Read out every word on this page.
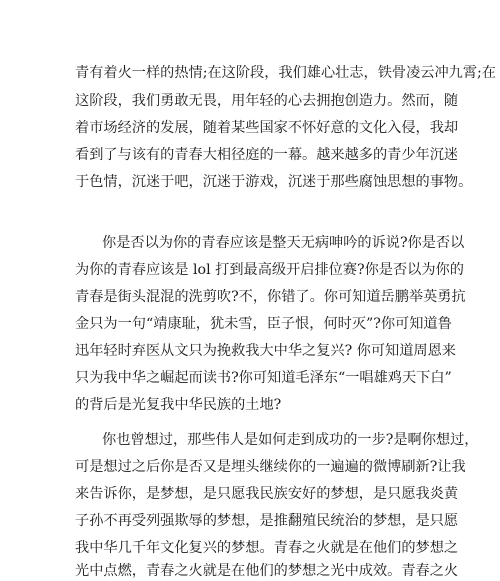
青有着火一样的热情;在这阶段，我们雄心壮志，铁骨凌云冲九霄;在
这阶段，我们勇敢无畏，用年轻的心去拥抱创造力。然而，随
着市场经济的发展，随着某些国家不怀好意的文化入侵，我却
看到了与该有的青春大相径庭的一幕。越来越多的青少年沉迷
于色情，沉迷于吧，沉迷于游戏，沉迷于那些腐蚀思想的事物。
你是否以为你的青春应该是整天无病呻吟的诉说?你是否以
为你的青春应该是 lol 打到最高级开启排位赛?你是否以为你的
青春是街头混混的洗剪吹?不，你错了。你可知道岳鹏举英勇抗
金只为一句“靖康耻，犹未雪，臣子恨，何时灭”?你可知道鲁
迅年轻时弃医从文只为挽救我大中华之复兴? 你可知道周恩来
只为我中华之崛起而读书?你可知道毛泽东“一唱雄鸡天下白”
的背后是光复我中华民族的土地?
你也曾想过，那些伟人是如何走到成功的一步?是啊你想过，
可是想过之后你是否又是埋头继续你的一遍遍的微博刷新?让我
来告诉你，是梦想，是只愿我民族安好的梦想，是只愿我炎黄
子孙不再受列强欺辱的梦想，是推翻殖民统治的梦想，是只愿
我中华几千年文化复兴的梦想。青春之火就是在他们的梦想之
光中点燃，青春之火就是在他们的梦想之光中成效。青春之火
